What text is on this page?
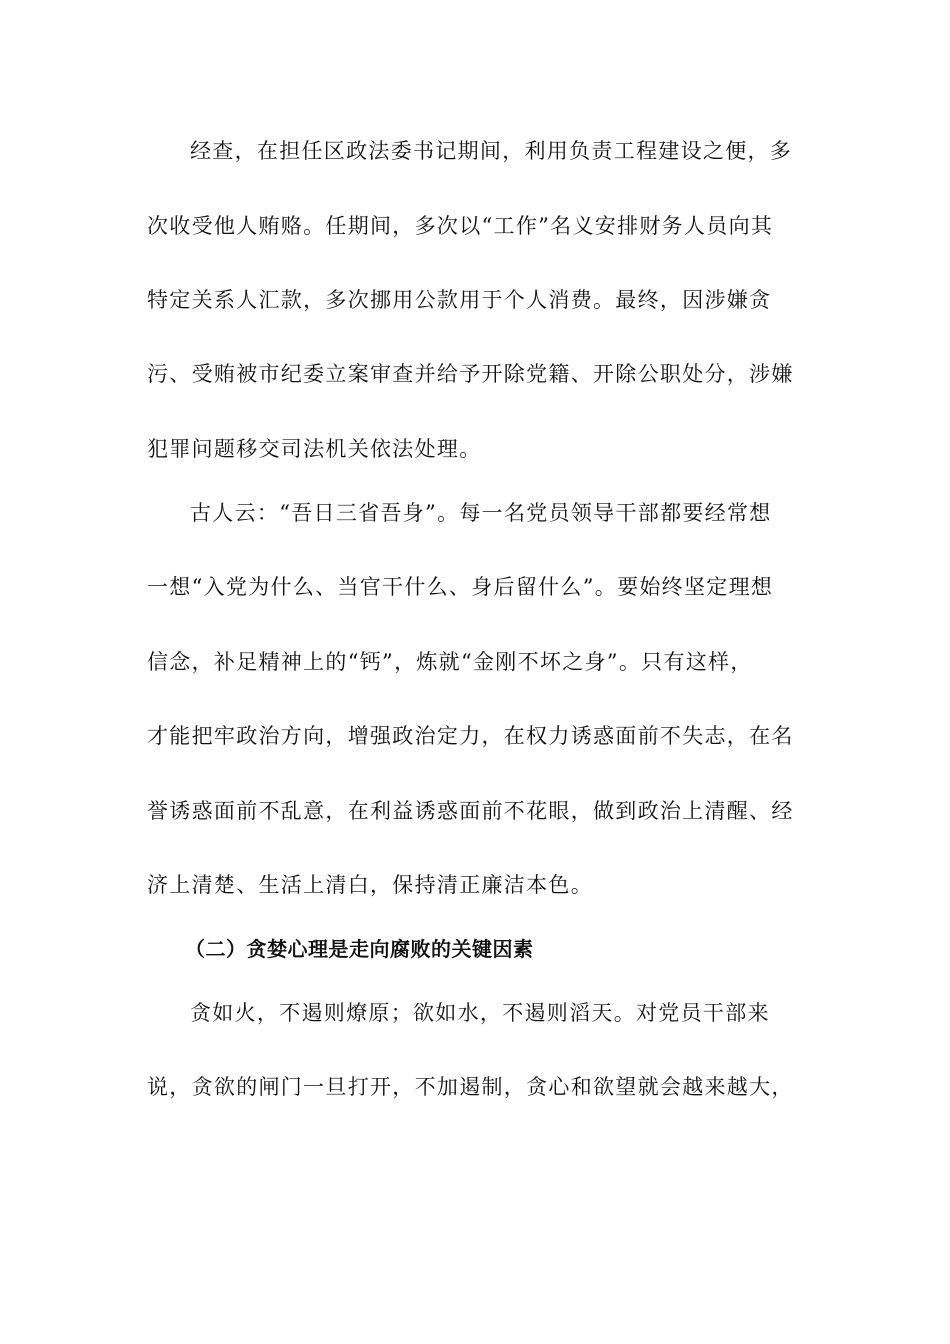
经查，在担任区政法委书记期间，利用负责工程建设之便，多
次收受他人贿赂。任期间，多次以“工作”名义安排财务人员向其
特定关系人汇款，多次挪用公款用于个人消费。最终，因涉嫌贪
污、受贿被市纪委立案审查并给予开除党籍、开除公职处分，涉嫌
犯罪问题移交司法机关依法处理。
古人云：“吾日三省吾身”。每一名党员领导干部都要经常想
一想“入党为什么、当官干什么、身后留什么”。要始终坚定理想
信念，补足精神上的“钙”，炼就“金刚不坏之身”。只有这样，
才能把牢政治方向，增强政治定力，在权力诱惑面前不失志，在名
誉诱惑面前不乱意，在利益诱惑面前不花眼，做到政治上清醒、经
济上清楚、生活上清白，保持清正廉洁本色。
（二）贪婪心理是走向腐败的关键因素
贪如火，不遏则燎原；欲如水，不遏则滔天。对党员干部来
说，贪欲的闸门一旦打开，不加遏制，贪心和欲望就会越来越大，
